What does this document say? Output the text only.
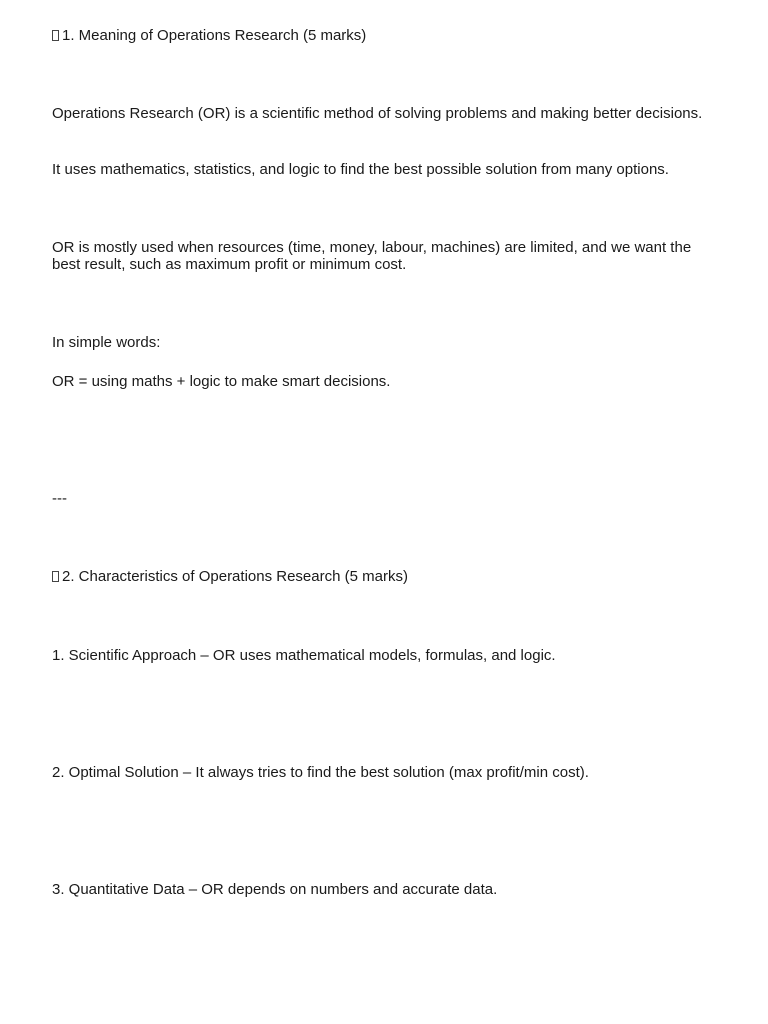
1. Meaning of Operations Research (5 marks)
Operations Research (OR) is a scientific method of solving problems and making better decisions.
It uses mathematics, statistics, and logic to find the best possible solution from many options.
OR is mostly used when resources (time, money, labour, machines) are limited, and we want the best result, such as maximum profit or minimum cost.
In simple words:
OR = using maths + logic to make smart decisions.
---
2. Characteristics of Operations Research (5 marks)
1. Scientific Approach – OR uses mathematical models, formulas, and logic.
2. Optimal Solution – It always tries to find the best solution (max profit/min cost).
3. Quantitative Data – OR depends on numbers and accurate data.
